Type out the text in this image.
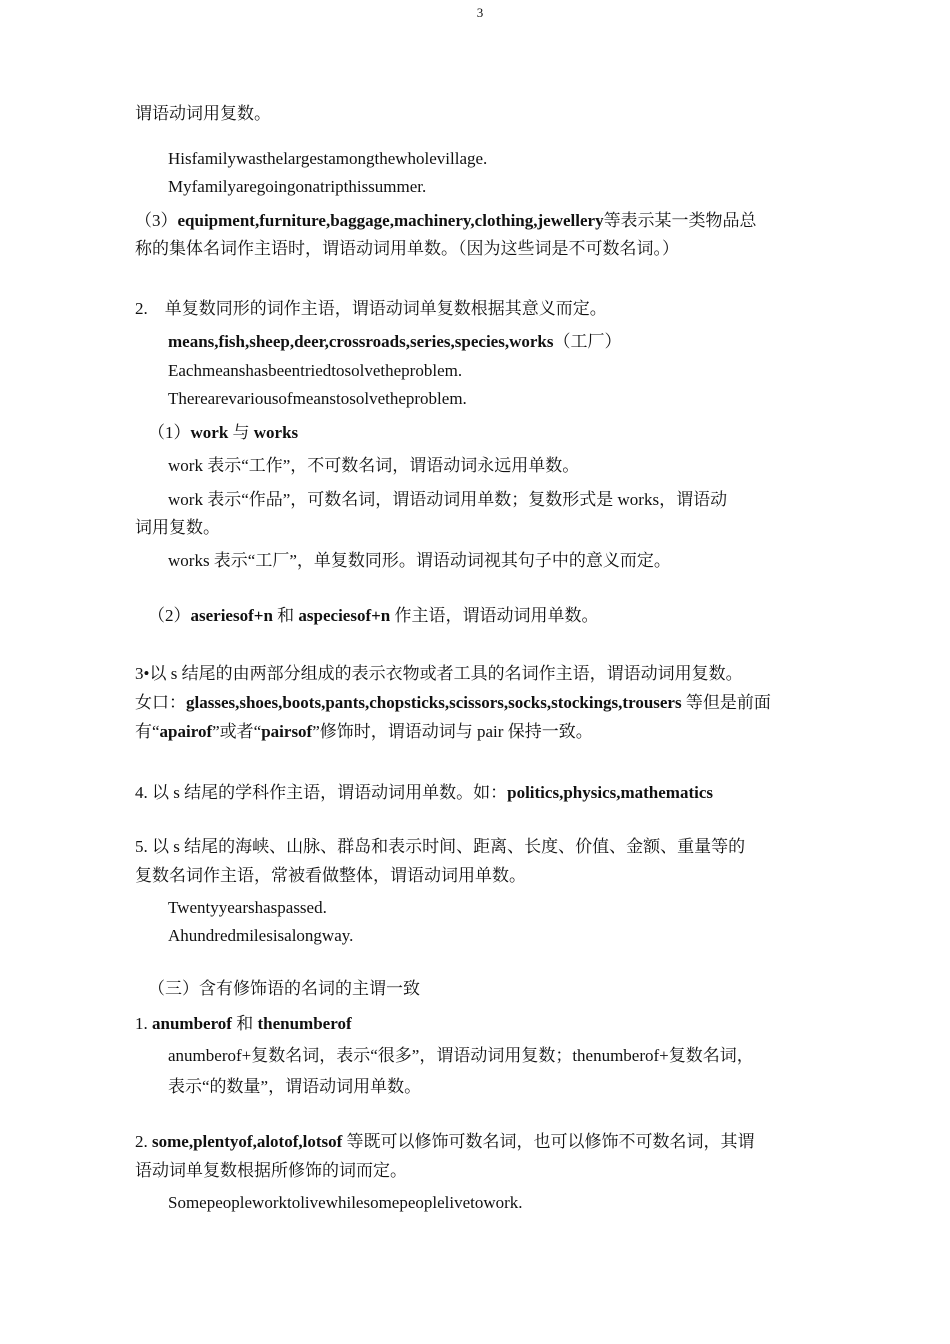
3
谓语动词用复数。
Hisfamilywasthelargestamongthewholevillage.
Myfamilyaregoingonatripthissummer.
（3）equipment,furniture,baggage,machinery,clothing,jewellery等表示某一类物品总
称的集体名词作主语时，谓语动词用单数。（因为这些词是不可数名词。）
2.　单复数同形的词作主语，谓语动词单复数根据其意义而定。
means,fish,sheep,deer,crossroads,series,species,works（工厂）
Eachmeanshasbeentriedtosolvetheproblem.
Therearevariousofmeanstosolvetheproblem.
（1）work 与 works
work 表示“工作”，不可数名词，谓语动词永远用单数。
work 表示“作品”，可数名词，谓语动词用单数；复数形式是 works，谓语动
词用复数。
works 表示“工厂”，单复数同形。谓语动词视其句子中的意义而定。
（2）aseriesof+n 和 aspeciesof+n 作主语，谓语动词用单数。
3•以 s 结尾的由两部分组成的表示衣物或者工具的名词作主语，谓语动词用复数。
女口：glasses,shoes,boots,pants,chopsticks,scissors,socks,stockings,trousers 等但是前面
有“apairof”或者“pairsof”修饰时，谓语动词与 pair 保持一致。
4. 以 s 结尾的学科作主语，谓语动词用单数。如：politics,physics,mathematics
5. 以 s 结尾的海峡、山脉、群岛和表示时间、距离、长度、价值、金额、重量等的
复数名词作主语，常被看做整体，谓语动词用单数。
Twentyyearshaspassed.
Ahundredmilesisalongway.
（三）含有修饰语的名词的主谓一致
1. anumberof 和 thenumberof
anumberof+复数名词，表示“很多”，谓语动词用复数；thenumberof+复数名词，
表示“的数量”，谓语动词用单数。
2. some,plentyof,alotof,lotsof 等既可以修饰可数名词，也可以修饰不可数名词，其谓
语动词单复数根据所修饰的词而定。
Somepeopleworktolivewhilesomepeoplelivetowork.
